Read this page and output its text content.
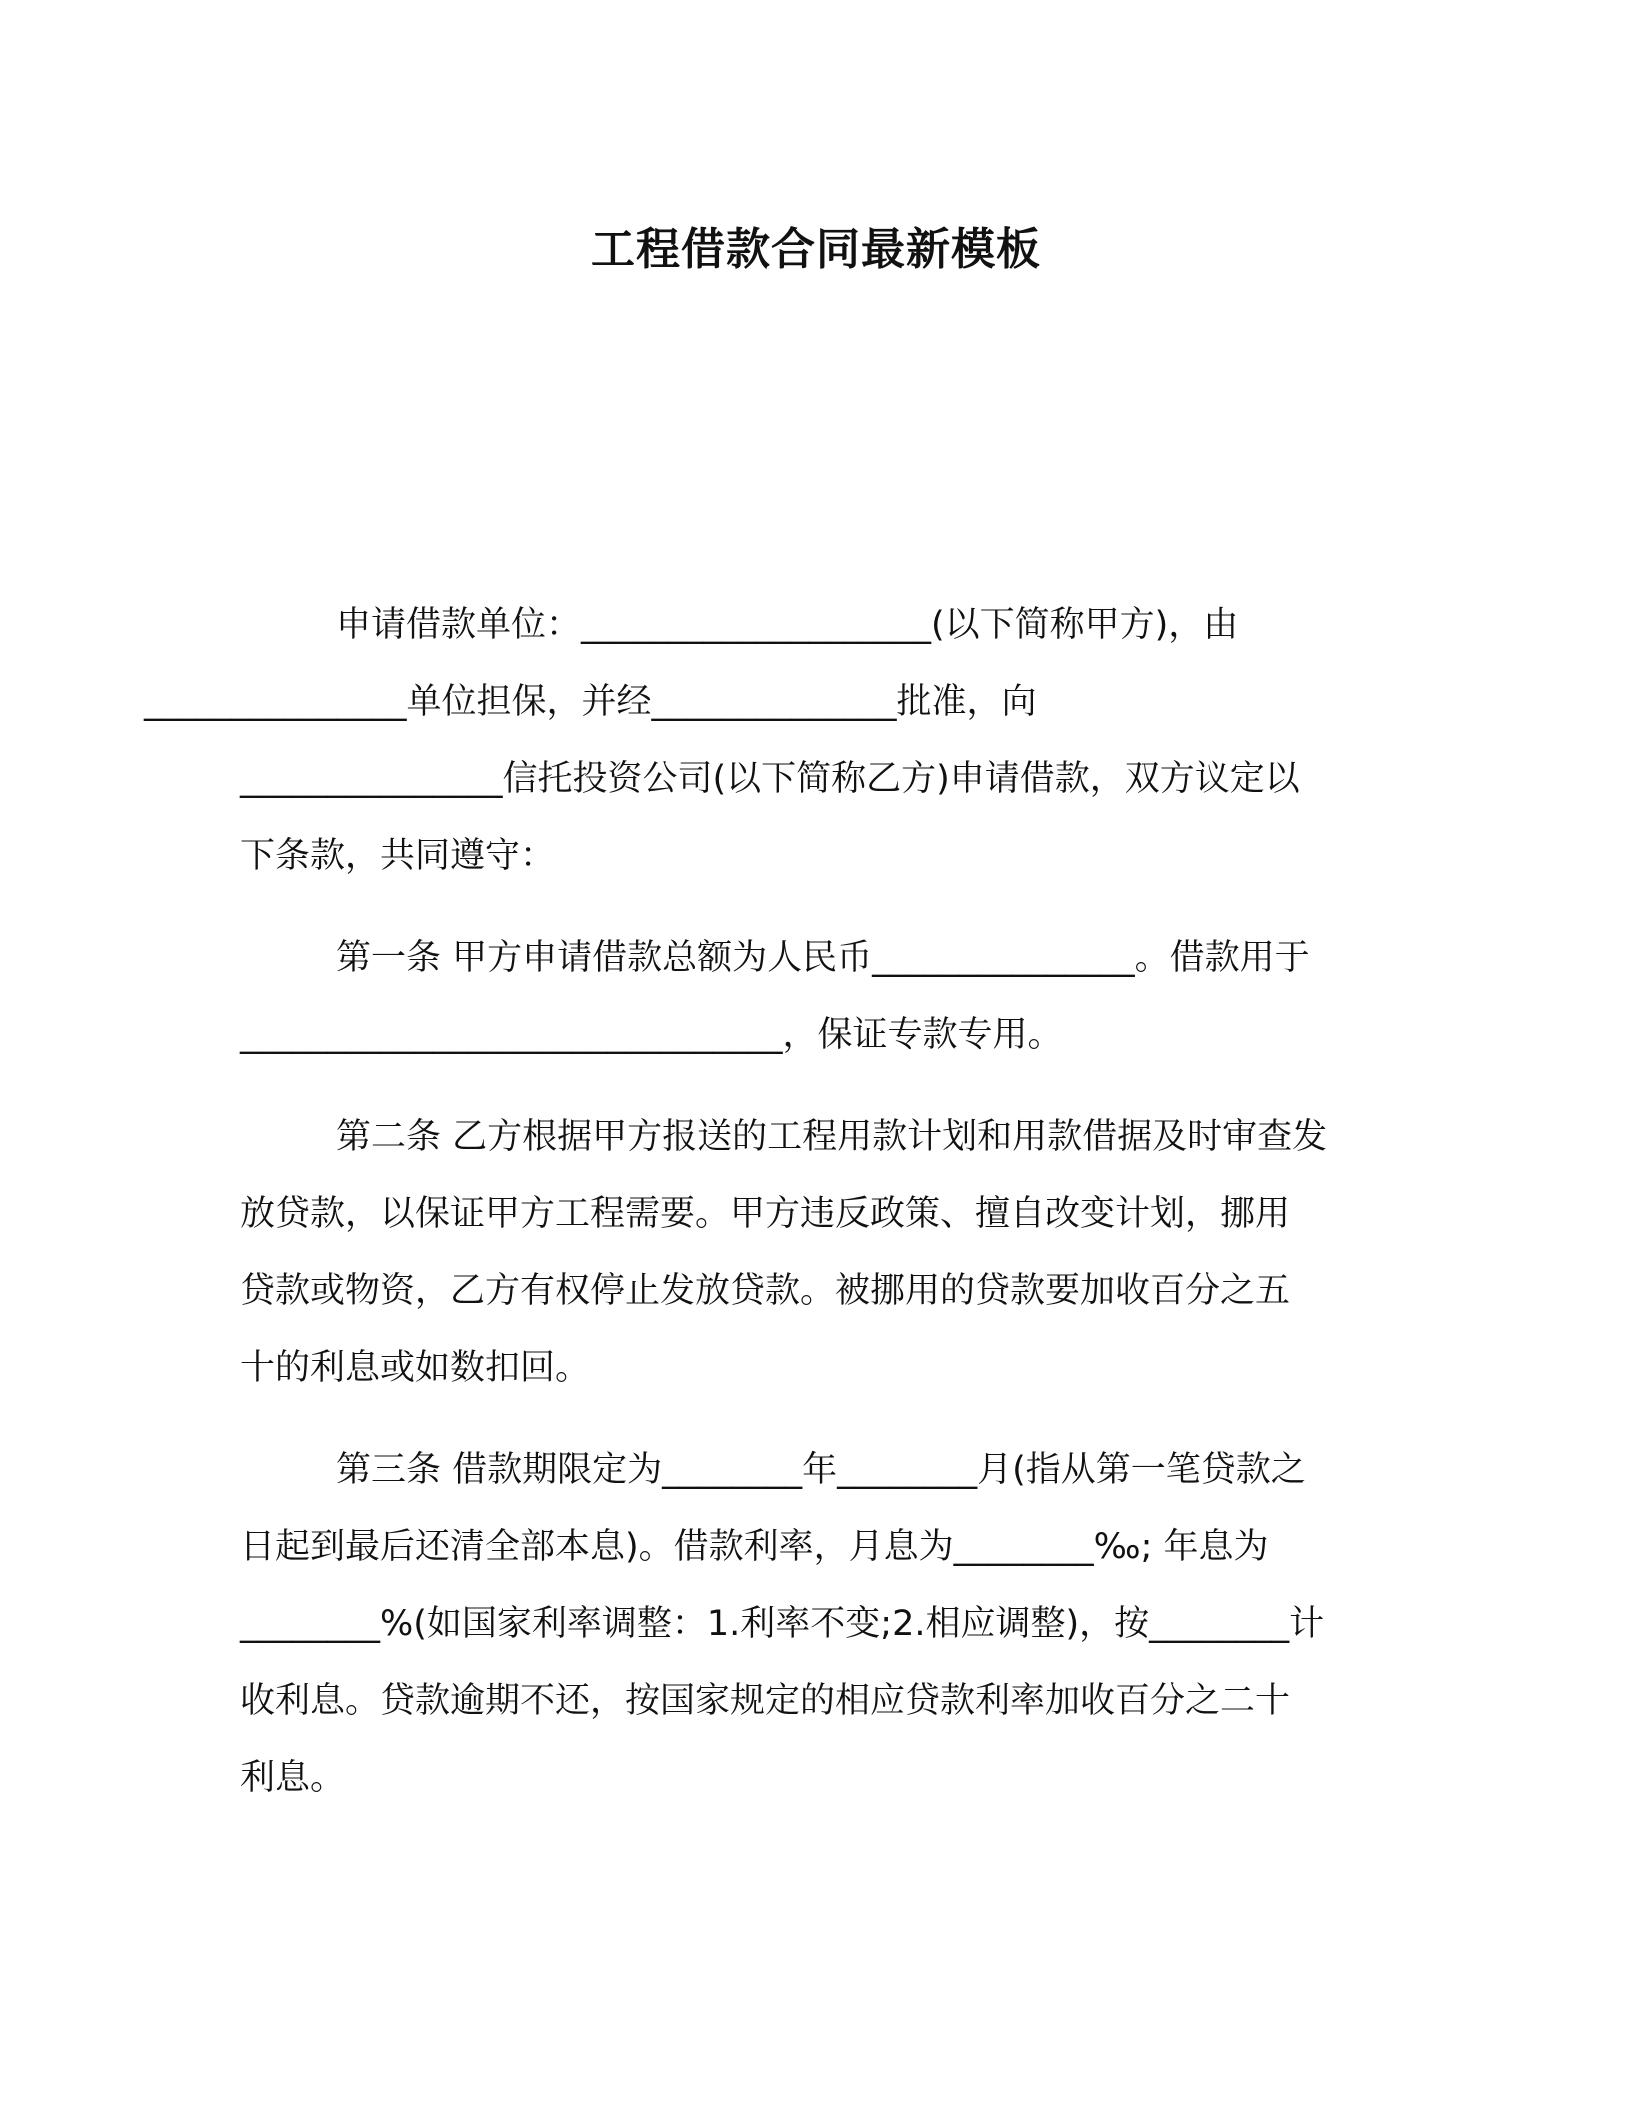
工程借款合同最新模板
申请借款单位：____________________(以下简称甲方)，由
_______________单位担保，并经______________批准，向
_______________信托投资公司(以下简称乙方)申请借款，双方议定以
下条款，共同遵守：
第一条 甲方申请借款总额为人民币_______________。借款用于
_______________________________，保证专款专用。
第二条 乙方根据甲方报送的工程用款计划和用款借据及时审查发
放贷款，以保证甲方工程需要。甲方违反政策、擅自改变计划，挪用
贷款或物资，乙方有权停止发放贷款。被挪用的贷款要加收百分之五
十的利息或如数扣回。
第三条 借款期限定为________年________月(指从第一笔贷款之
日起到最后还清全部本息)。借款利率，月息为________‰; 年息为
________%(如国家利率调整：1.利率不变;2.相应调整)，按________计
收利息。贷款逾期不还，按国家规定的相应贷款利率加收百分之二十
利息。
